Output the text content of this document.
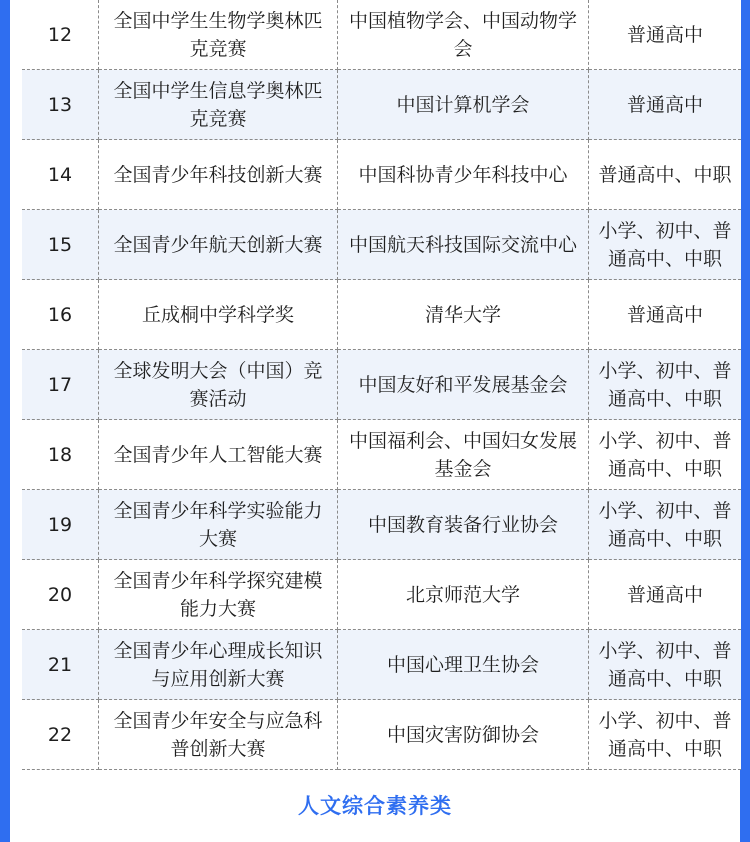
12	全国中学生生物学奥林匹克竞赛	中国植物学会、中国动物学会	普通高中
13	全国中学生信息学奥林匹克竞赛	中国计算机学会	普通高中
14	全国青少年科技创新大赛	中国科协青少年科技中心	普通高中、中职
15	全国青少年航天创新大赛	中国航天科技国际交流中心	小学、初中、普通高中、中职
16	丘成桐中学科学奖	清华大学	普通高中
17	全球发明大会（中国）竞赛活动	中国友好和平发展基金会	小学、初中、普通高中、中职
18	全国青少年人工智能大赛	中国福利会、中国妇女发展基金会	小学、初中、普通高中、中职
19	全国青少年科学实验能力大赛	中国教育装备行业协会	小学、初中、普通高中、中职
20	全国青少年科学探究建模能力大赛	北京师范大学	普通高中
21	全国青少年心理成长知识与应用创新大赛	中国心理卫生协会	小学、初中、普通高中、中职
22	全国青少年安全与应急科普创新大赛	中国灾害防御协会	小学、初中、普通高中、中职
人文综合素养类
